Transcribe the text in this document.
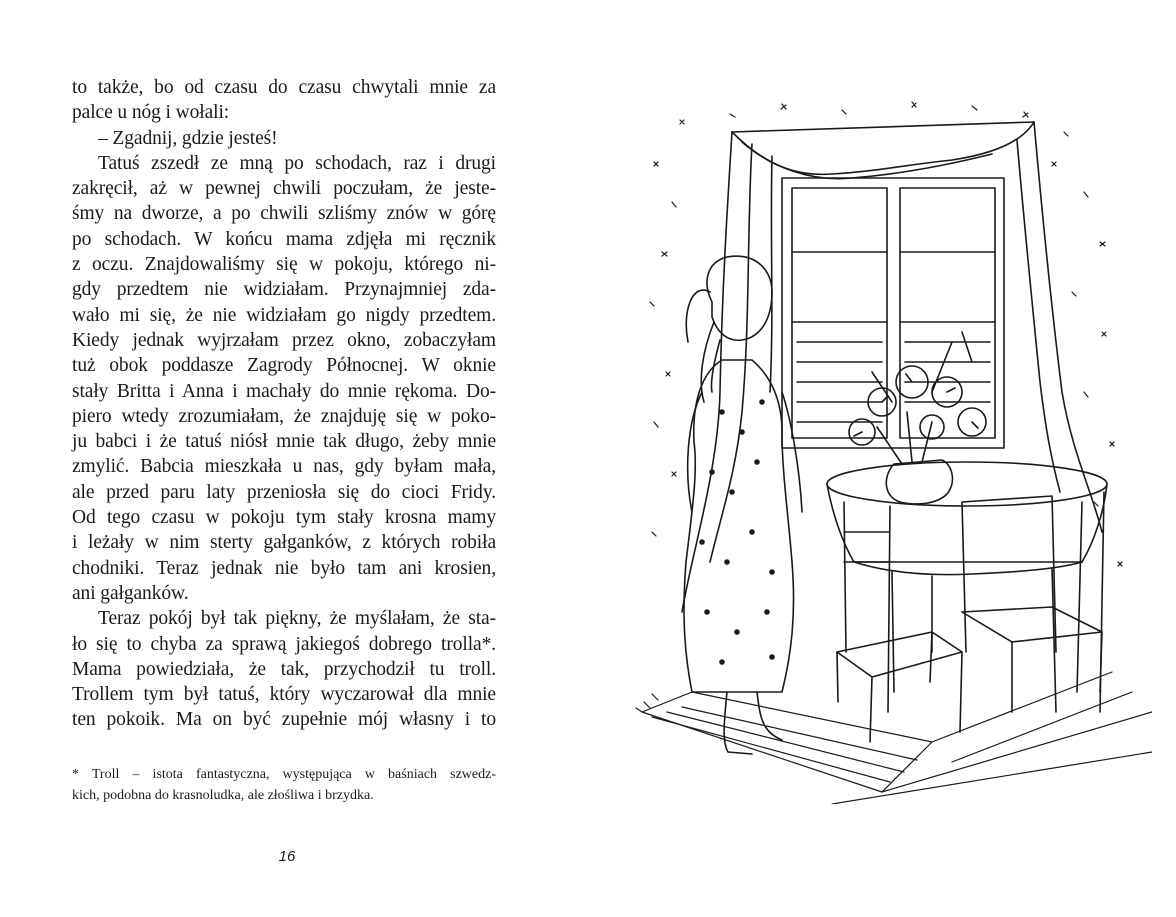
to także, bo od czasu do czasu chwytali mnie za
palce u nóg i wołali:
– Zgadnij, gdzie jesteś!
Tatuś zszedł ze mną po schodach, raz i drugi
zakręcił, aż w pewnej chwili poczułam, że jeste-
śmy na dworze, a po chwili szliśmy znów w górę
po schodach. W końcu mama zdjęła mi ręcznik
z oczu. Znajdowaliśmy się w pokoju, którego ni-
gdy przedtem nie widziałam. Przynajmniej zda-
wało mi się, że nie widziałam go nigdy przedtem.
Kiedy jednak wyjrzałam przez okno, zobaczyłam
tuż obok poddasze Zagrody Północnej. W oknie
stały Britta i Anna i machały do mnie rękoma. Do-
piero wtedy zrozumiałam, że znajduję się w poko-
ju babci i że tatuś niósł mnie tak długo, żeby mnie
zmylić. Babcia mieszkała u nas, gdy byłam mała,
ale przed paru laty przeniosła się do cioci Fridy.
Od tego czasu w pokoju tym stały krosna mamy
i leżały w nim sterty gałganków, z których robiła
chodniki. Teraz jednak nie było tam ani krosien,
ani gałganków.
Teraz pokój był tak piękny, że myślałam, że sta-
ło się to chyba za sprawą jakiegoś dobrego trolla*.
Mama powiedziała, że tak, przychodził tu troll.
Trollem tym był tatuś, który wyczarował dla mnie
ten pokoik. Ma on być zupełnie mój własny i to
* Troll – istota fantastyczna, występująca w baśniach szwedz-
kich, podobna do krasnoludka, ale złośliwa i brzydka.
16
